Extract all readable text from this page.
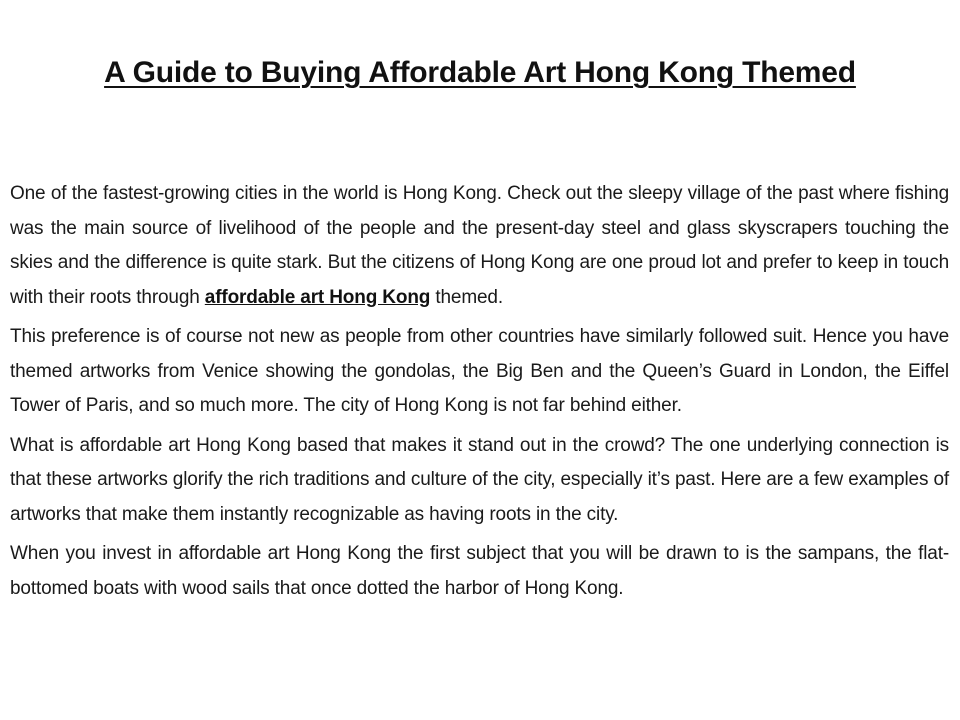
A Guide to Buying Affordable Art Hong Kong Themed

One of the fastest-growing cities in the world is Hong Kong. Check out the sleepy village of the past where fishing was the main source of livelihood of the people and the present-day steel and glass skyscrapers touching the skies and the difference is quite stark. But the citizens of Hong Kong are one proud lot and prefer to keep in touch with their roots through affordable art Hong Kong themed.

This preference is of course not new as people from other countries have similarly followed suit. Hence you have themed artworks from Venice showing the gondolas, the Big Ben and the Queen’s Guard in London, the Eiffel Tower of Paris, and so much more. The city of Hong Kong is not far behind either.

What is affordable art Hong Kong based that makes it stand out in the crowd? The one underlying connection is that these artworks glorify the rich traditions and culture of the city, especially it’s past. Here are a few examples of artworks that make them instantly recognizable as having roots in the city.

When you invest in affordable art Hong Kong the first subject that you will be drawn to is the sampans, the flat-bottomed boats with wood sails that once dotted the harbor of Hong Kong.
